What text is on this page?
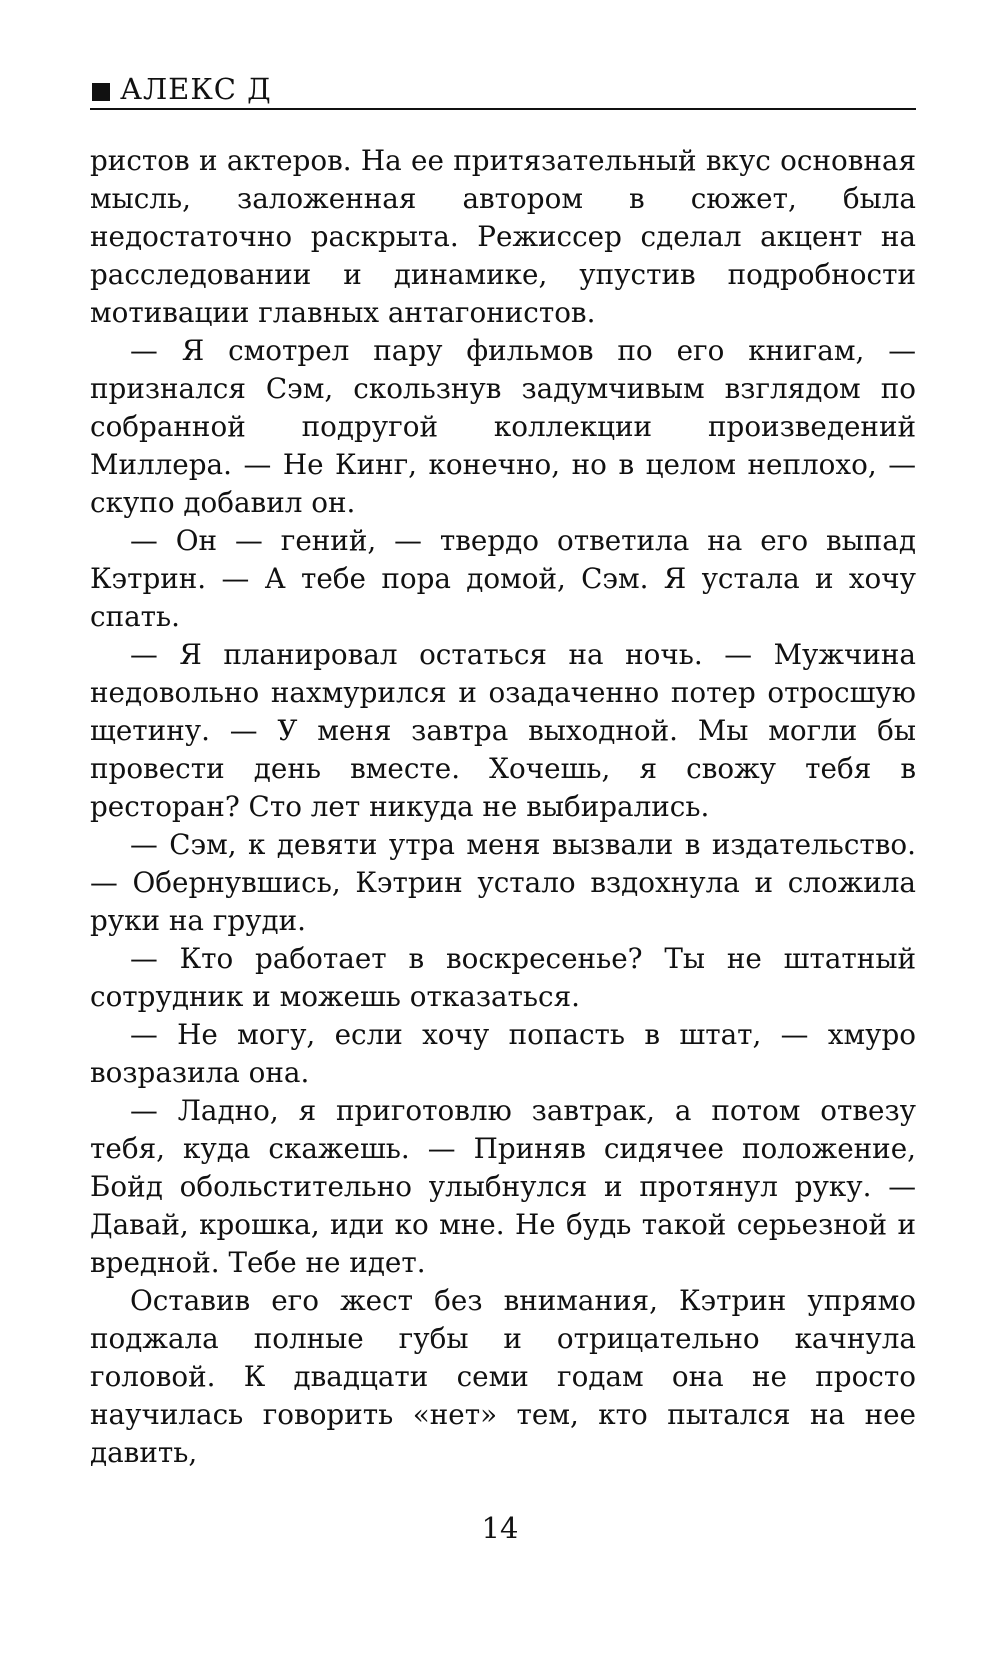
АЛЕКС Д

ристов и актеров. На ее притязательный вкус основная мысль, заложенная автором в сюжет, была недостаточно раскрыта. Режиссер сделал акцент на расследовании и динамике, упустив подробности мотивации главных антагонистов.

— Я смотрел пару фильмов по его книгам, — признался Сэм, скользнув задумчивым взглядом по собранной подругой коллекции произведений Миллера. — Не Кинг, конечно, но в целом неплохо, — скупо добавил он.

— Он — гений, — твердо ответила на его выпад Кэтрин. — А тебе пора домой, Сэм. Я устала и хочу спать.

— Я планировал остаться на ночь. — Мужчина недовольно нахмурился и озадаченно потер отросшую щетину. — У меня завтра выходной. Мы могли бы провести день вместе. Хочешь, я свожу тебя в ресторан? Сто лет никуда не выбирались.

— Сэм, к девяти утра меня вызвали в издательство. — Обернувшись, Кэтрин устало вздохнула и сложила руки на груди.

— Кто работает в воскресенье? Ты не штатный сотрудник и можешь отказаться.

— Не могу, если хочу попасть в штат, — хмуро возразила она.

— Ладно, я приготовлю завтрак, а потом отвезу тебя, куда скажешь. — Приняв сидячее положение, Бойд обольстительно улыбнулся и протянул руку. — Давай, крошка, иди ко мне. Не будь такой серьезной и вредной. Тебе не идет.

Оставив его жест без внимания, Кэтрин упрямо поджала полные губы и отрицательно качнула головой. К двадцати семи годам она не просто научилась говорить «нет» тем, кто пытался на нее давить,

14
